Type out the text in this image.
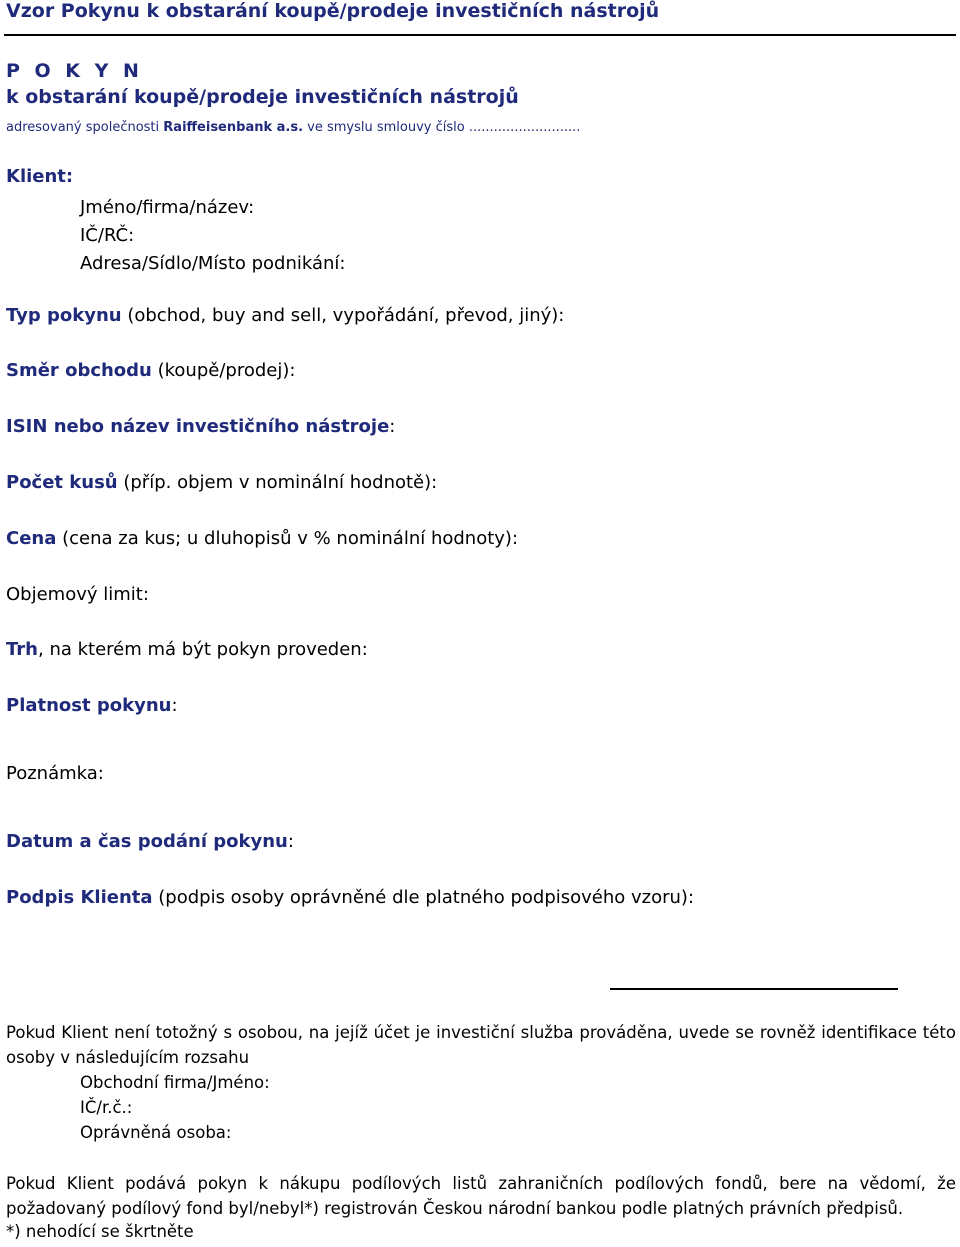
Vzor Pokynu k obstarání koupě/prodeje investičních nástrojů
P O K Y N
k obstarání koupě/prodeje investičních nástrojů
adresovaný společnosti Raiffeisenbank a.s. ve smyslu smlouvy číslo ...........................
Klient:
Jméno/firma/název:
IČ/RČ:
Adresa/Sídlo/Místo podnikání:
Typ pokynu (obchod, buy and sell, vypořádání, převod, jiný):
Směr obchodu (koupě/prodej):
ISIN nebo název investičního nástroje:
Počet kusů (příp. objem v nominální hodnotě):
Cena (cena za kus; u dluhopisů v % nominální hodnoty):
Objemový limit:
Trh, na kterém má být pokyn proveden:
Platnost pokynu:
Poznámka:
Datum a čas podání pokynu:
Podpis Klienta (podpis osoby oprávněné dle platného podpisového vzoru):
Pokud Klient není totožný s osobou, na jejíž účet je investiční služba prováděna, uvede se rovněž identifikace této osoby v následujícím rozsahu
Obchodní firma/Jméno:
IČ/r.č.:
Oprávněná osoba:
Pokud Klient podává pokyn k nákupu podílových listů zahraničních podílových fondů, bere na vědomí, že požadovaný podílový fond byl/nebyl*) registrován Českou národní bankou podle platných právních předpisů.
*) nehodící se škrtněte
